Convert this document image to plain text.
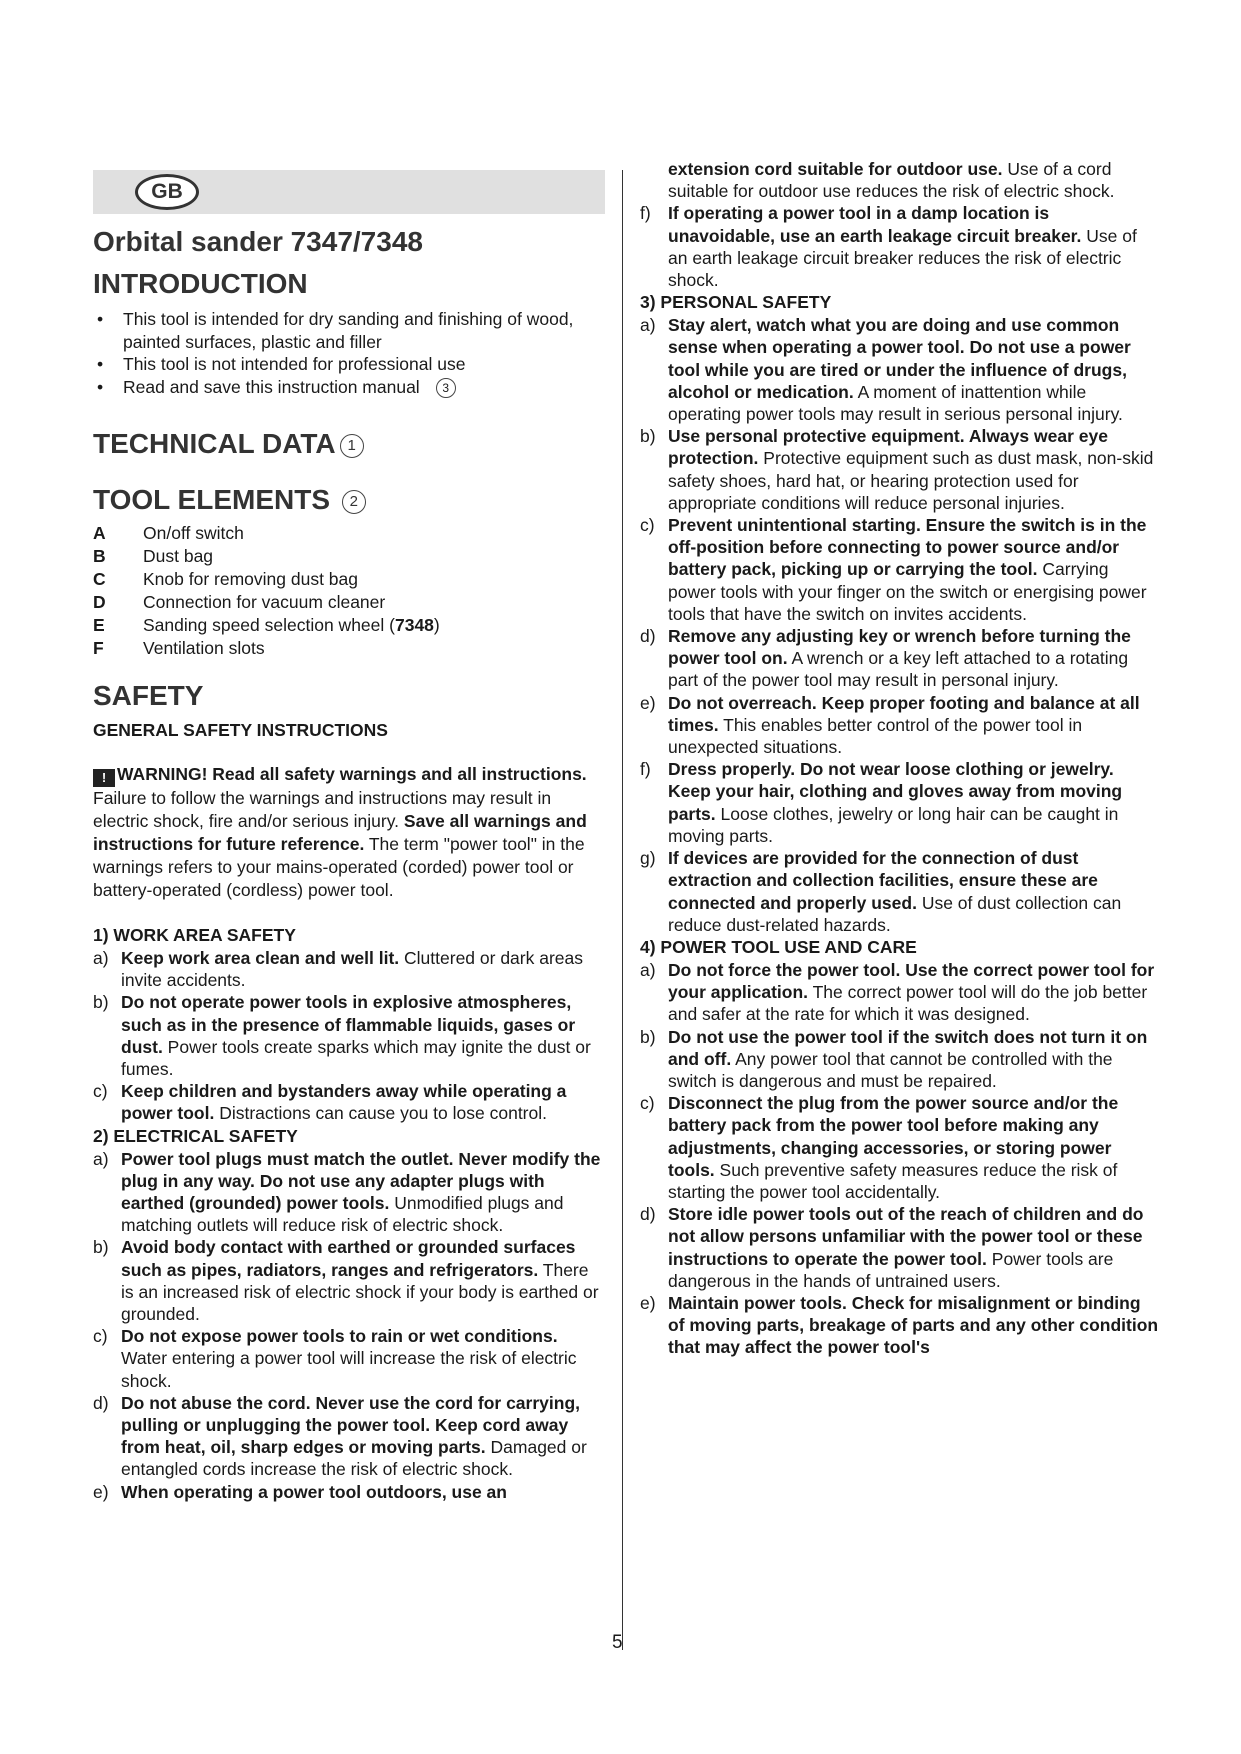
GB
Orbital sander 7347/7348
INTRODUCTION
• This tool is intended for dry sanding and finishing of wood, painted surfaces, plastic and filler
• This tool is not intended for professional use
• Read and save this instruction manual 3
TECHNICAL DATA 1
TOOL ELEMENTS 2
A	On/off switch
B	Dust bag
C	Knob for removing dust bag
D	Connection for vacuum cleaner
E	Sanding speed selection wheel (7348)
F	Ventilation slots
SAFETY
GENERAL SAFETY INSTRUCTIONS
! WARNING! Read all safety warnings and all instructions. Failure to follow the warnings and instructions may result in electric shock, fire and/or serious injury. Save all warnings and instructions for future reference. The term "power tool" in the warnings refers to your mains-operated (corded) power tool or battery-operated (cordless) power tool.
1) WORK AREA SAFETY
a) Keep work area clean and well lit. Cluttered or dark areas invite accidents.
b) Do not operate power tools in explosive atmospheres, such as in the presence of flammable liquids, gases or dust. Power tools create sparks which may ignite the dust or fumes.
c) Keep children and bystanders away while operating a power tool. Distractions can cause you to lose control.
2) ELECTRICAL SAFETY
a) Power tool plugs must match the outlet. Never modify the plug in any way. Do not use any adapter plugs with earthed (grounded) power tools. Unmodified plugs and matching outlets will reduce risk of electric shock.
b) Avoid body contact with earthed or grounded surfaces such as pipes, radiators, ranges and refrigerators. There is an increased risk of electric shock if your body is earthed or grounded.
c) Do not expose power tools to rain or wet conditions. Water entering a power tool will increase the risk of electric shock.
d) Do not abuse the cord. Never use the cord for carrying, pulling or unplugging the power tool. Keep cord away from heat, oil, sharp edges or moving parts. Damaged or entangled cords increase the risk of electric shock.
e) When operating a power tool outdoors, use an
extension cord suitable for outdoor use. Use of a cord suitable for outdoor use reduces the risk of electric shock.
f) If operating a power tool in a damp location is unavoidable, use an earth leakage circuit breaker. Use of an earth leakage circuit breaker reduces the risk of electric shock.
3) PERSONAL SAFETY
a) Stay alert, watch what you are doing and use common sense when operating a power tool. Do not use a power tool while you are tired or under the influence of drugs, alcohol or medication. A moment of inattention while operating power tools may result in serious personal injury.
b) Use personal protective equipment. Always wear eye protection. Protective equipment such as dust mask, non-skid safety shoes, hard hat, or hearing protection used for appropriate conditions will reduce personal injuries.
c) Prevent unintentional starting. Ensure the switch is in the off-position before connecting to power source and/or battery pack, picking up or carrying the tool. Carrying power tools with your finger on the switch or energising power tools that have the switch on invites accidents.
d) Remove any adjusting key or wrench before turning the power tool on. A wrench or a key left attached to a rotating part of the power tool may result in personal injury.
e) Do not overreach. Keep proper footing and balance at all times. This enables better control of the power tool in unexpected situations.
f) Dress properly. Do not wear loose clothing or jewelry. Keep your hair, clothing and gloves away from moving parts. Loose clothes, jewelry or long hair can be caught in moving parts.
g) If devices are provided for the connection of dust extraction and collection facilities, ensure these are connected and properly used. Use of dust collection can reduce dust-related hazards.
4) POWER TOOL USE AND CARE
a) Do not force the power tool. Use the correct power tool for your application. The correct power tool will do the job better and safer at the rate for which it was designed.
b) Do not use the power tool if the switch does not turn it on and off. Any power tool that cannot be controlled with the switch is dangerous and must be repaired.
c) Disconnect the plug from the power source and/or the battery pack from the power tool before making any adjustments, changing accessories, or storing power tools. Such preventive safety measures reduce the risk of starting the power tool accidentally.
d) Store idle power tools out of the reach of children and do not allow persons unfamiliar with the power tool or these instructions to operate the power tool. Power tools are dangerous in the hands of untrained users.
e) Maintain power tools. Check for misalignment or binding of moving parts, breakage of parts and any other condition that may affect the power tool's
5
